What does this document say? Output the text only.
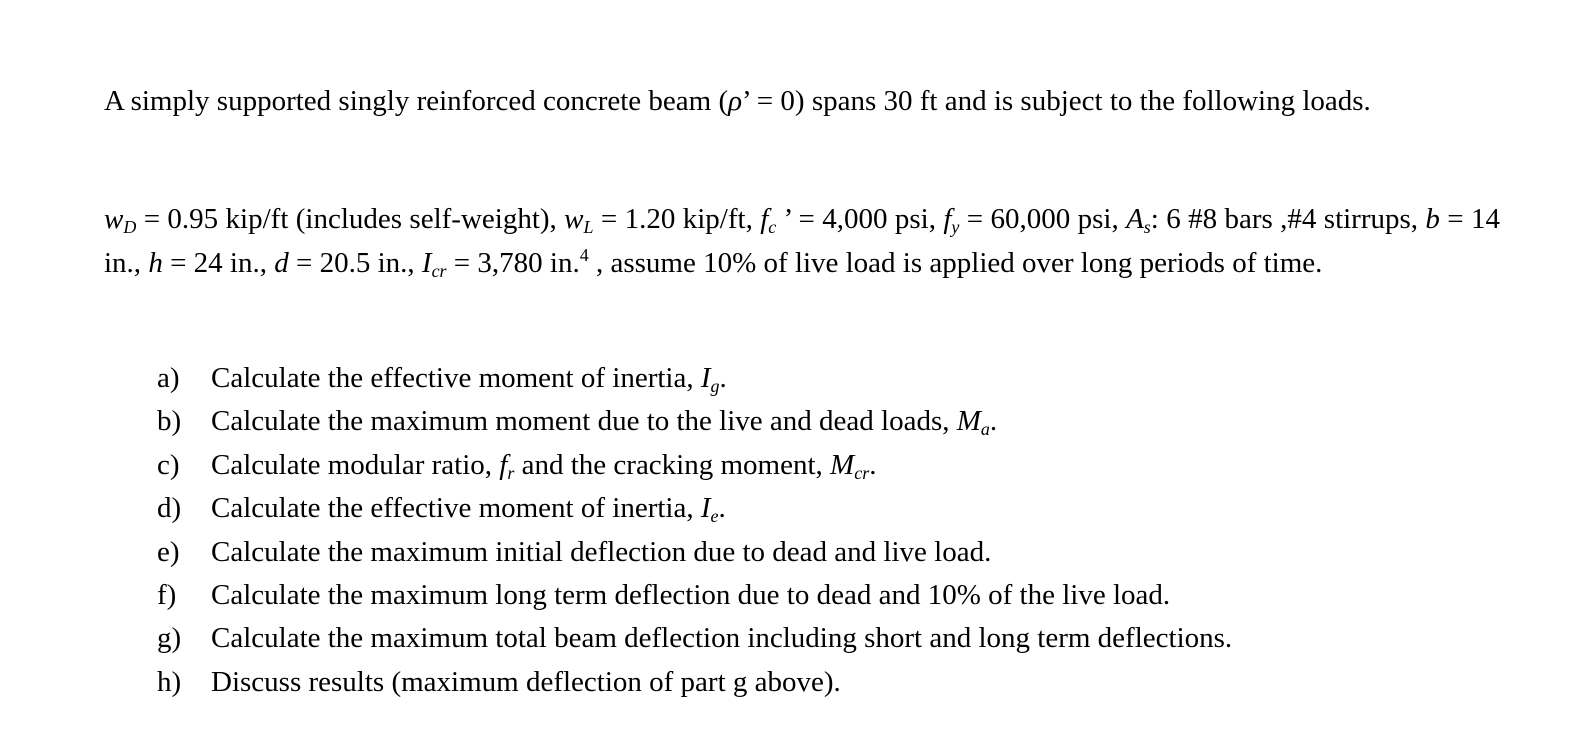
A simply supported singly reinforced concrete beam (ρ’ = 0) spans 30 ft and is subject to the following loads.

$w_D = 0.95$ kip/ft (includes self-weight), $w_L = 1.20$ kip/ft, $f_c$ ’ = 4,000 psi, $f_y = 60,000$ psi, $A_s$: 6 #8 bars ,#4 stirrups, b = 14 in., h = 24 in., d = 20.5 in., $I_{cr} = 3,780$ in.$^4$ , assume 10% of live load is applied over long periods of time.

a) Calculate the effective moment of inertia, $I_g$.
b) Calculate the maximum moment due to the live and dead loads, $M_a$.
c) Calculate modular ratio, $f_r$ and the cracking moment, $M_{cr}$.
d) Calculate the effective moment of inertia, $I_e$.
e) Calculate the maximum initial deflection due to dead and live load.
f) Calculate the maximum long term deflection due to dead and 10% of the live load.
g) Calculate the maximum total beam deflection including short and long term deflections.
h) Discuss results (maximum deflection of part g above).
